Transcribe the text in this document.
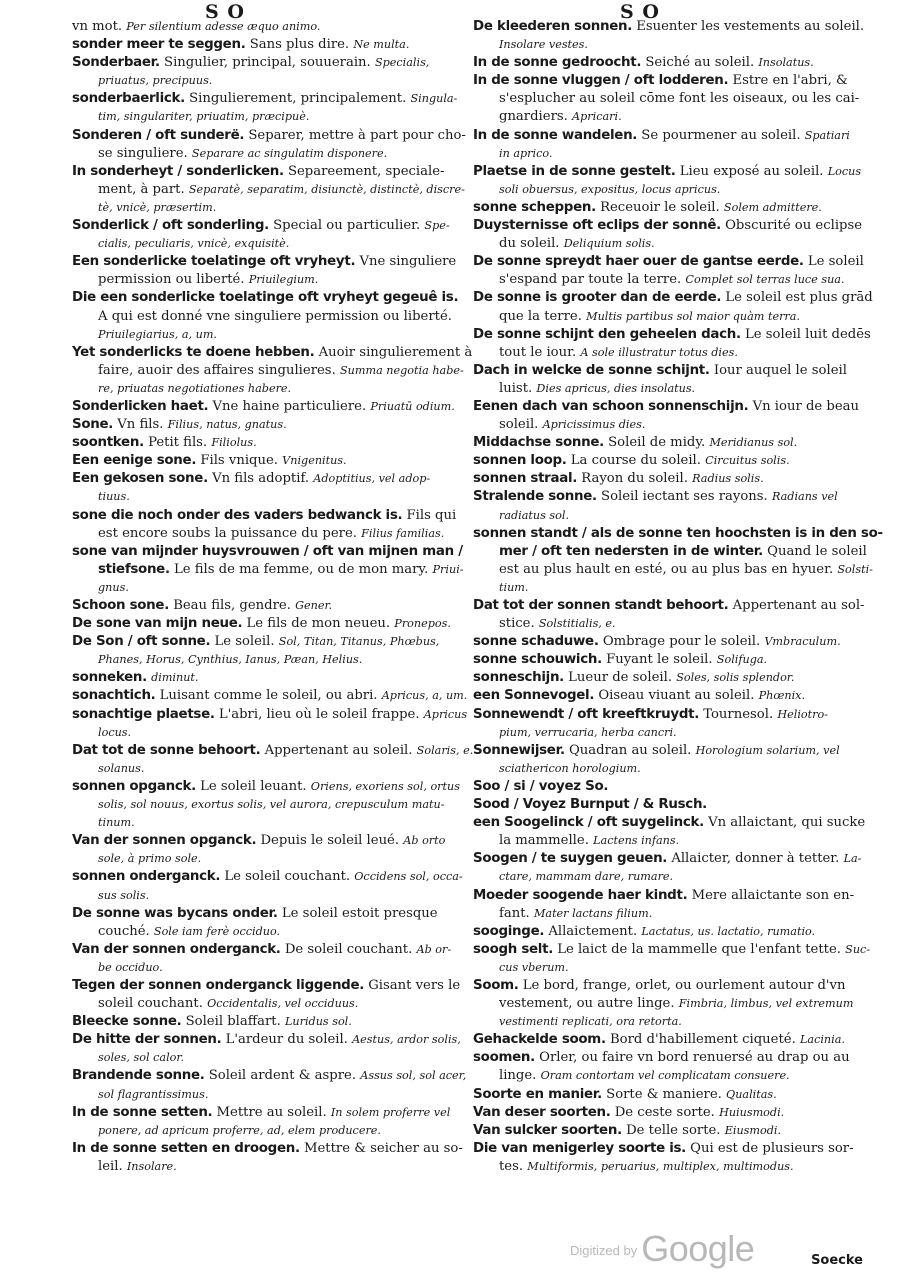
S O	S O
vn mot. Per silentium adesse æquo animo.
sonder meer te seggen. Sans plus dire. Ne multa.
Sonderbaer. Singulier, principal, souuerain. Specialis,
priuatus, precipuus.
sonderbaerlick. Singulierement, principalement. Singula-
tim, singulariter, priuatim, præcipuè.
Sonderen / oft sunderë. Separer, mettre à part pour cho-
se singuliere. Separare ac singulatim disponere.
In sonderheyt / sonderlicken. Separeement, speciale-
ment, à part. Separatè, separatim, disiunctè, distinctè, discre-
tè, vnicè, præsertim.
Sonderlick / oft sonderling. Special ou particulier. Spe-
cialis, peculiaris, vnicè, exquisitè.
Een sonderlicke toelatinge oft vryheyt. Vne singuliere
permission ou liberté. Priuilegium.
Die een sonderlicke toelatinge oft vryheyt gegeuê is.
A qui est donné vne singuliere permission ou liberté.
Priuilegiarius, a, um.
Yet sonderlicks te doene hebben. Auoir singulierement à
faire, auoir des affaires singulieres. Summa negotia habe-
re, priuatas negotiationes habere.
Sonderlicken haet. Vne haine particuliere. Priuatū odium.
Sone. Vn fils. Filius, natus, gnatus.
soontken. Petit fils. Filiolus.
Een eenige sone. Fils vnique. Vnigenitus.
Een gekosen sone. Vn fils adoptif. Adoptitius, vel adop-
tiuus.
sone die noch onder des vaders bedwanck is. Fils qui
est encore soubs la puissance du pere. Filius familias.
sone van mijnder huysvrouwen / oft van mijnen man /
stiefsone. Le fils de ma femme, ou de mon mary. Priui-
gnus.
Schoon sone. Beau fils, gendre. Gener.
De sone van mijn neue. Le fils de mon neueu. Pronepos.
De Son / oft sonne. Le soleil. Sol, Titan, Titanus, Phœbus,
Phanes, Horus, Cynthius, Ianus, Pæan, Helius.
sonneken. diminut.
sonachtich. Luisant comme le soleil, ou abri. Apricus, a, um.
sonachtige plaetse. L'abri, lieu où le soleil frappe. Apricus
locus.
Dat tot de sonne behoort. Appertenant au soleil. Solaris, e.
solanus.
sonnen opganck. Le soleil leuant. Oriens, exoriens sol, ortus
solis, sol nouus, exortus solis, vel aurora, crepusculum matu-
tinum.
Van der sonnen opganck. Depuis le soleil leué. Ab orto
sole, à primo sole.
sonnen onderganck. Le soleil couchant. Occidens sol, occa-
sus solis.
De sonne was bycans onder. Le soleil estoit presque
couché. Sole iam ferè occiduo.
Van der sonnen onderganck. De soleil couchant. Ab or-
be occiduo.
Tegen der sonnen onderganck liggende. Gisant vers le
soleil couchant. Occidentalis, vel occiduus.
Bleecke sonne. Soleil blaffart. Luridus sol.
De hitte der sonnen. L'ardeur du soleil. Aestus, ardor solis,
soles, sol calor.
Brandende sonne. Soleil ardent & aspre. Assus sol, sol acer,
sol flagrantissimus.
In de sonne setten. Mettre au soleil. In solem proferre vel
ponere, ad apricum proferre, ad, elem producere.
In de sonne setten en droogen. Mettre & seicher au so-
leil. Insolare.
De kleederen sonnen. Esuenter les vestements au soleil.
Insolare vestes.
In de sonne gedroocht. Seiché au soleil. Insolatus.
In de sonne vluggen / oft lodderen. Estre en l'abri, &
s'esplucher au soleil cōme font les oiseaux, ou les cai-
gnardiers. Apricari.
In de sonne wandelen. Se pourmener au soleil. Spatiari
in aprico.
Plaetse in de sonne gestelt. Lieu exposé au soleil. Locus
soli obuersus, expositus, locus apricus.
sonne scheppen. Receuoir le soleil. Solem admittere.
Duysternisse oft eclips der sonnê. Obscurité ou eclipse
du soleil. Deliquium solis.
De sonne spreydt haer ouer de gantse eerde. Le soleil
s'espand par toute la terre. Complet sol terras luce sua.
De sonne is grooter dan de eerde. Le soleil est plus grād
que la terre. Multis partibus sol maior quàm terra.
De sonne schijnt den geheelen dach. Le soleil luit dedēs
tout le iour. A sole illustratur totus dies.
Dach in welcke de sonne schijnt. Iour auquel le soleil
luist. Dies apricus, dies insolatus.
Eenen dach van schoon sonnenschijn. Vn iour de beau
soleil. Apricissimus dies.
Middachse sonne. Soleil de midy. Meridianus sol.
sonnen loop. La course du soleil. Circuitus solis.
sonnen straal. Rayon du soleil. Radius solis.
Stralende sonne. Soleil iectant ses rayons. Radians vel
radiatus sol.
sonnen standt / als de sonne ten hoochsten is in den so-
mer / oft ten nedersten in de winter. Quand le soleil
est au plus hault en esté, ou au plus bas en hyuer. Solsti-
tium.
Dat tot der sonnen standt behoort. Appertenant au sol-
stice. Solstitialis, e.
sonne schaduwe. Ombrage pour le soleil. Vmbraculum.
sonne schouwich. Fuyant le soleil. Solifuga.
sonneschijn. Lueur de soleil. Soles, solis splendor.
een Sonnevogel. Oiseau viuant au soleil. Phœnix.
Sonnewendt / oft kreeftkruydt. Tournesol. Heliotro-
pium, verrucaria, herba cancri.
Sonnewijser. Quadran au soleil. Horologium solarium, vel
sciathericon horologium.
Soo / si / voyez So.
Sood / Voyez Burnput / & Rusch.
een Soogelinck / oft suygelinck. Vn allaictant, qui sucke
la mammelle. Lactens infans.
Soogen / te suygen geuen. Allaicter, donner à tetter. La-
ctare, mammam dare, rumare.
Moeder soogende haer kindt. Mere allaictante son en-
fant. Mater lactans filium.
sooginge. Allaictement. Lactatus, us. lactatio, rumatio.
soogh selt. Le laict de la mammelle que l'enfant tette. Suc-
cus vberum.
Soom. Le bord, frange, orlet, ou ourlement autour d'vn
vestement, ou autre linge. Fimbria, limbus, vel extremum
vestimenti replicati, ora retorta.
Gehackelde soom. Bord d'habillement ciqueté. Lacinia.
soomen. Orler, ou faire vn bord renuersé au drap ou au
linge. Oram contortam vel complicatam consuere.
Soorte en manier. Sorte & maniere. Qualitas.
Van deser soorten. De ceste sorte. Huiusmodi.
Van sulcker soorten. De telle sorte. Eiusmodi.
Die van menigerley soorte is. Qui est de plusieurs sor-
tes. Multiformis, peruarius, multiplex, multimodus.
$^{Digitized by}$ Google	Soecke
